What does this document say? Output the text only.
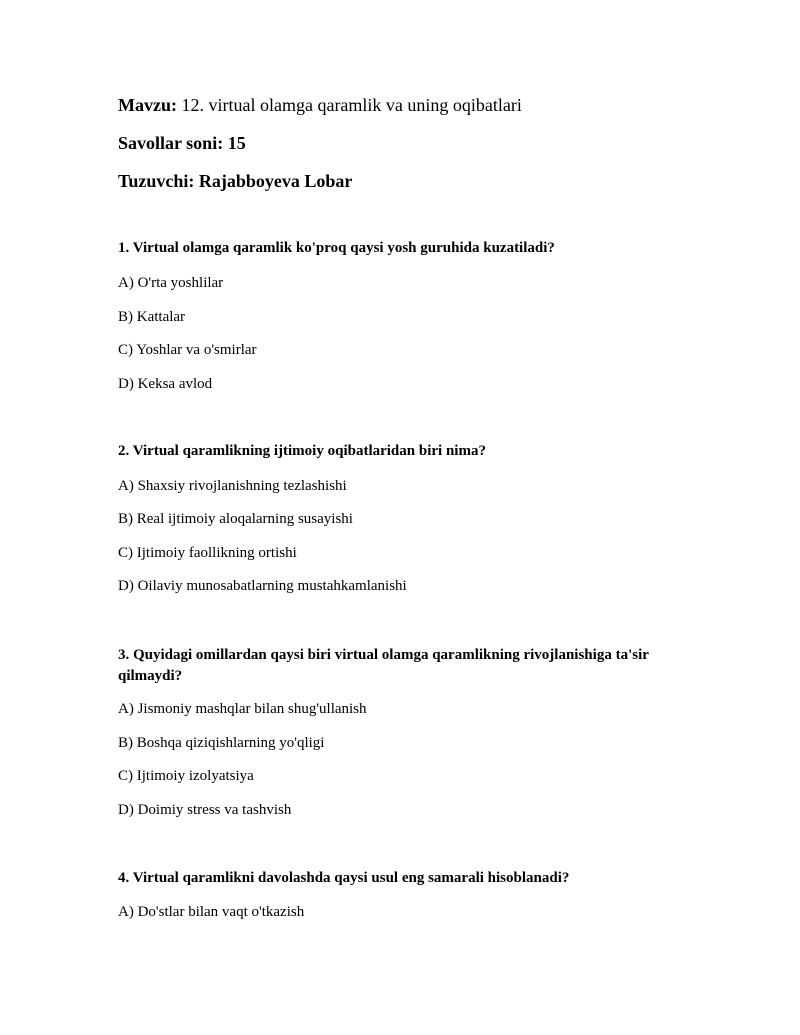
Mavzu: 12. virtual olamga qaramlik va uning oqibatlari
Savollar soni: 15
Tuzuvchi: Rajabboyeva Lobar
1. Virtual olamga qaramlik ko'proq qaysi yosh guruhida kuzatiladi?
A) O'rta yoshlilar
B) Kattalar
C) Yoshlar va o'smirlar
D) Keksa avlod
2. Virtual qaramlikning ijtimoiy oqibatlaridan biri nima?
A) Shaxsiy rivojlanishning tezlashishi
B) Real ijtimoiy aloqalarning susayishi
C) Ijtimoiy faollikning ortishi
D) Oilaviy munosabatlarning mustahkamlanishi
3. Quyidagi omillardan qaysi biri virtual olamga qaramlikning rivojlanishiga ta'sir qilmaydi?
A) Jismoniy mashqlar bilan shug'ullanish
B) Boshqa qiziqishlarning yo'qligi
C) Ijtimoiy izolyatsiya
D) Doimiy stress va tashvish
4. Virtual qaramlikni davolashda qaysi usul eng samarali hisoblanadi?
A) Do'stlar bilan vaqt o'tkazish
